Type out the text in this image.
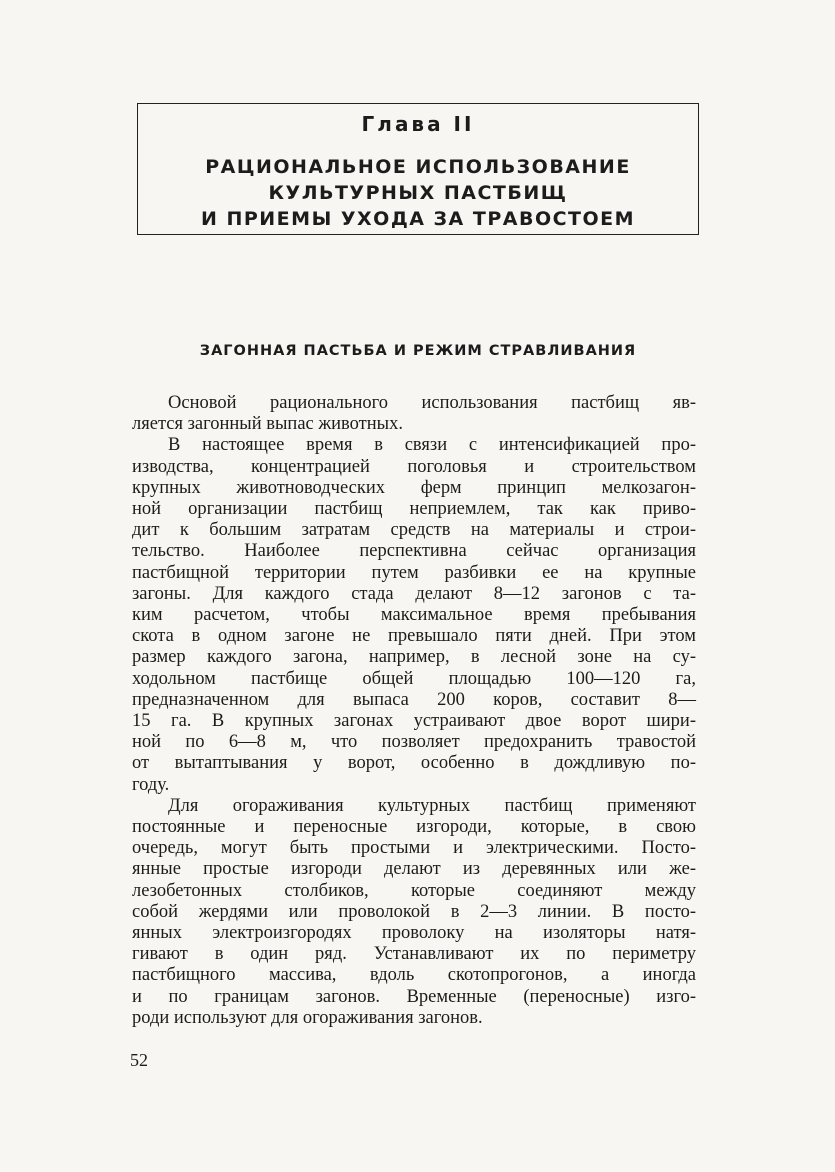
Глава II
РАЦИОНАЛЬНОЕ ИСПОЛЬЗОВАНИЕ
КУЛЬТУРНЫХ ПАСТБИЩ
И ПРИЕМЫ УХОДА ЗА ТРАВОСТОЕМ
ЗАГОННАЯ ПАСТЬБА И РЕЖИМ СТРАВЛИВАНИЯ
Основой рационального использования пастбищ яв-
ляется загонный выпас животных.
В настоящее время в связи с интенсификацией про-
изводства, концентрацией поголовья и строительством
крупных животноводческих ферм принцип мелкозагон-
ной организации пастбищ неприемлем, так как приво-
дит к большим затратам средств на материалы и строи-
тельство. Наиболее перспективна сейчас организация
пастбищной территории путем разбивки ее на крупные
загоны. Для каждого стада делают 8—12 загонов с та-
ким расчетом, чтобы максимальное время пребывания
скота в одном загоне не превышало пяти дней. При этом
размер каждого загона, например, в лесной зоне на су-
ходольном пастбище общей площадью 100—120 га,
предназначенном для выпаса 200 коров, составит 8—
15 га. В крупных загонах устраивают двое ворот шири-
ной по 6—8 м, что позволяет предохранить травостой
от вытаптывания у ворот, особенно в дождливую по-
году.
Для огораживания культурных пастбищ применяют
постоянные и переносные изгороди, которые, в свою
очередь, могут быть простыми и электрическими. Посто-
янные простые изгороди делают из деревянных или же-
лезобетонных столбиков, которые соединяют между
собой жердями или проволокой в 2—3 линии. В посто-
янных электроизгородях проволоку на изоляторы натя-
гивают в один ряд. Устанавливают их по периметру
пастбищного массива, вдоль скотопрогонов, а иногда
и по границам загонов. Временные (переносные) изго-
роди используют для огораживания загонов.
52
